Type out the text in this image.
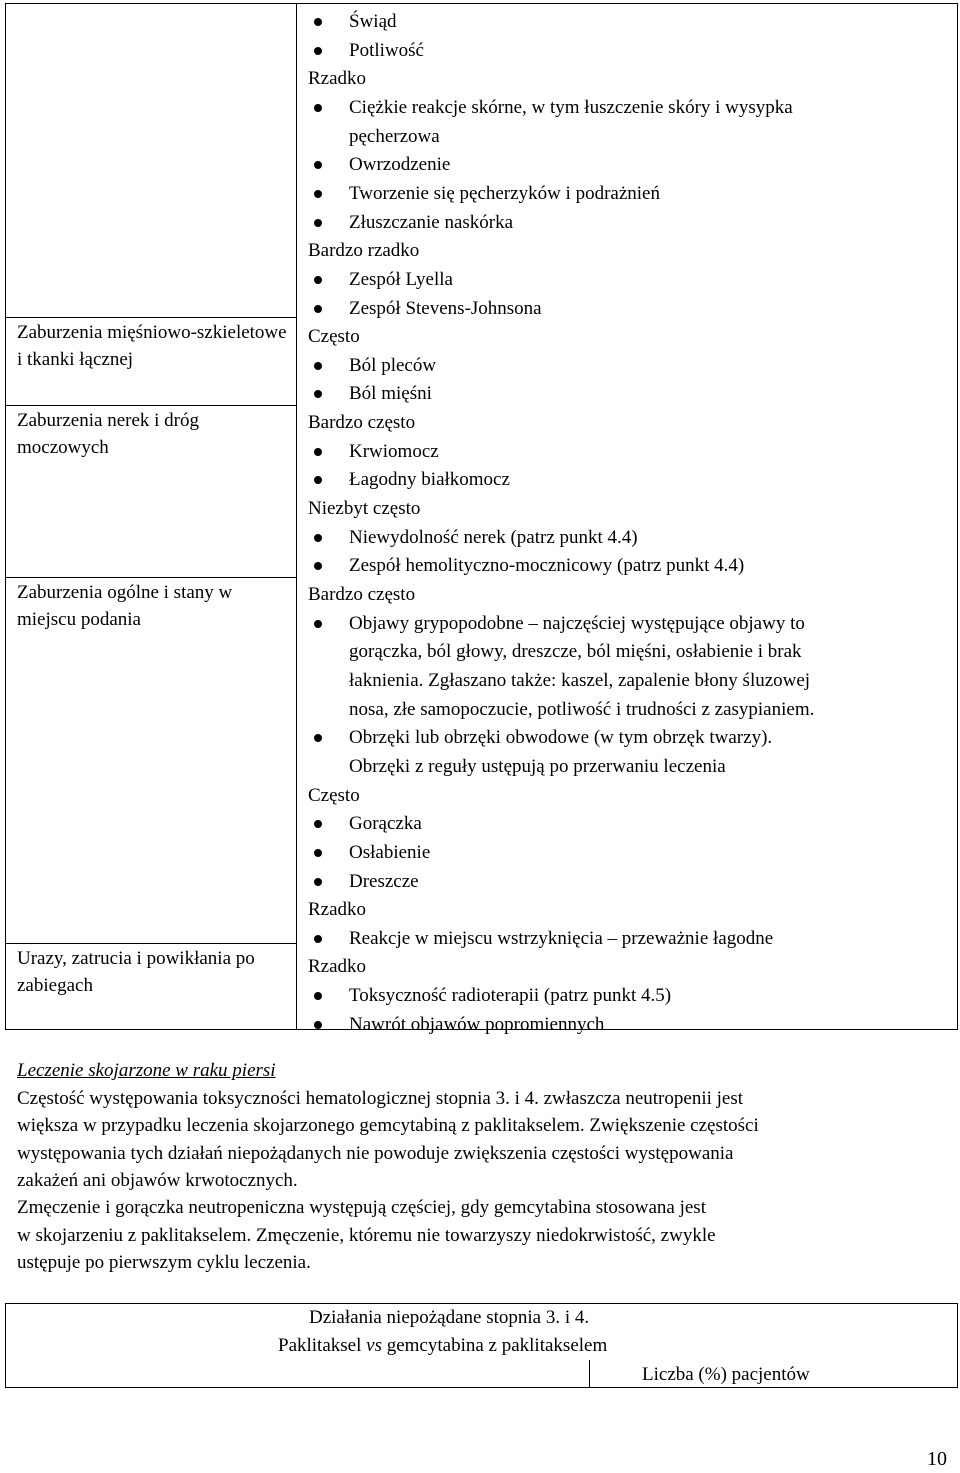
Zaburzenia mięśniowo-szkieletowe i tkanki łącznej
Zaburzenia nerek i dróg moczowych
Zaburzenia ogólne i stany w miejscu podania
Urazy, zatrucia i powikłania po zabiegach
Świąd
Potliwość
Rzadko
Ciężkie reakcje skórne, w tym łuszczenie skóry i wysypka
pęcherzowa
Owrzodzenie
Tworzenie się pęcherzyków i podrażnień
Złuszczanie naskórka
Bardzo rzadko
Zespół Lyella
Zespół Stevens-Johnsona
Często
Ból pleców
Ból mięśni
Bardzo często
Krwiomocz
Łagodny białkomocz
Niezbyt często
Niewydolność nerek (patrz punkt 4.4)
Zespół hemolityczno-mocznicowy (patrz punkt 4.4)
Bardzo często
Objawy grypopodobne – najczęściej występujące objawy to
gorączka, ból głowy, dreszcze, ból mięśni, osłabienie i brak
łaknienia. Zgłaszano także: kaszel, zapalenie błony śluzowej
nosa, złe samopoczucie, potliwość i trudności z zasypianiem.
Obrzęki lub obrzęki obwodowe (w tym obrzęk twarzy).
Obrzęki z reguły ustępują po przerwaniu leczenia
Często
Gorączka
Osłabienie
Dreszcze
Rzadko
Reakcje w miejscu wstrzyknięcia – przeważnie łagodne
Rzadko
Toksyczność radioterapii (patrz punkt 4.5)
Nawrót objawów popromiennych
Leczenie skojarzone w raku piersi
Częstość występowania toksyczności hematologicznej stopnia 3. i 4. zwłaszcza neutropenii jest
większa w przypadku leczenia skojarzonego gemcytabiną z paklitakselem. Zwiększenie częstości
występowania tych działań niepożądanych nie powoduje zwiększenia częstości występowania
zakażeń ani objawów krwotocznych.
Zmęczenie i gorączka neutropeniczna występują częściej, gdy gemcytabina stosowana jest
w skojarzeniu z paklitakselem. Zmęczenie, któremu nie towarzyszy niedokrwistość, zwykle
ustępuje po pierwszym cyklu leczenia.
Działania niepożądane stopnia 3. i 4.
Paklitaksel vs gemcytabina z paklitakselem
Liczba (%) pacjentów
10
